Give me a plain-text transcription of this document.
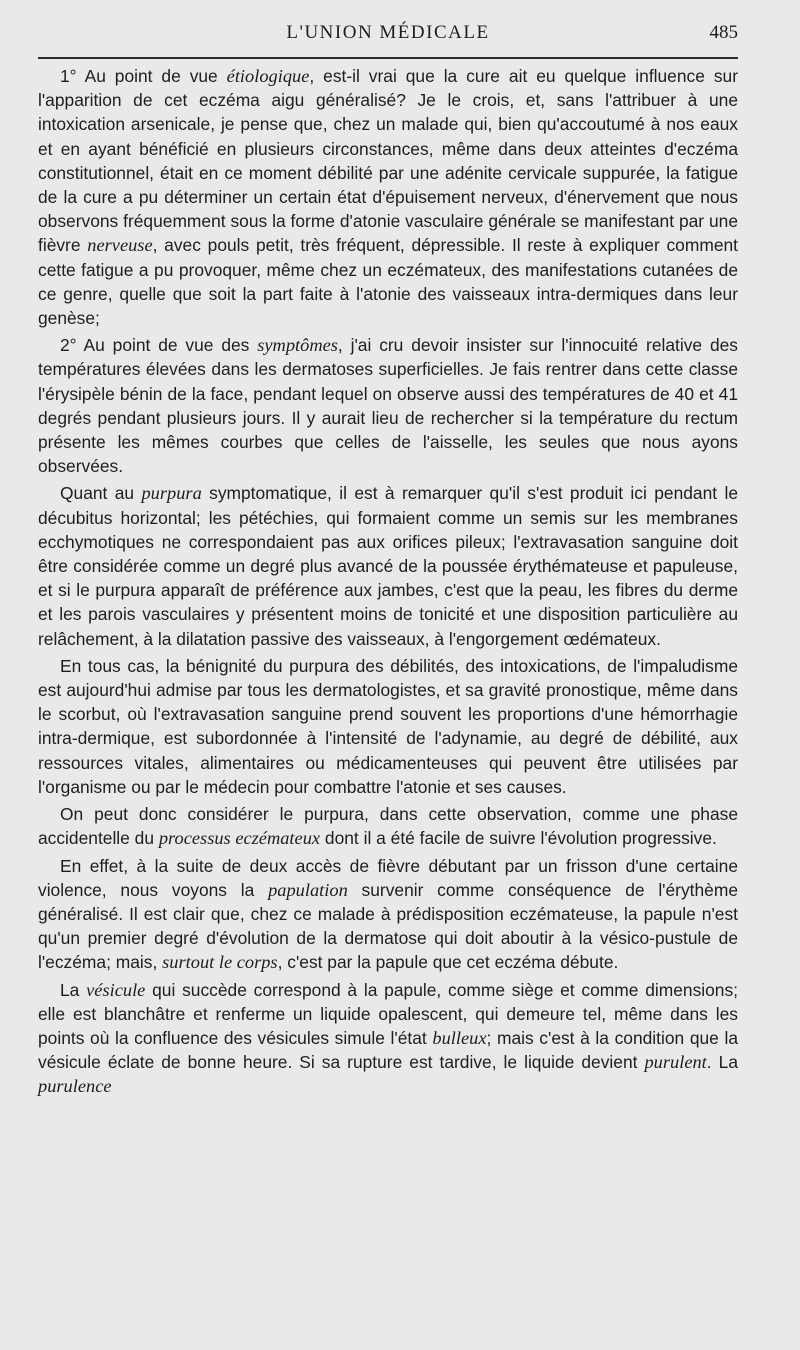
L'UNION MÉDICALE	485

1° Au point de vue étiologique, est-il vrai que la cure ait eu quelque influence sur l'apparition de cet eczéma aigu généralisé? Je le crois, et, sans l'attribuer à une intoxication arsenicale, je pense que, chez un malade qui, bien qu'accoutumé à nos eaux et en ayant bénéficié en plusieurs circonstances, même dans deux atteintes d'eczéma constitutionnel, était en ce moment débilité par une adénite cervicale suppurée, la fatigue de la cure a pu déterminer un certain état d'épuisement nerveux, d'énervement que nous observons fréquemment sous la forme d'atonie vasculaire générale se manifestant par une fièvre nerveuse, avec pouls petit, très fréquent, dépressible. Il reste à expliquer comment cette fatigue a pu provoquer, même chez un eczémateux, des manifestations cutanées de ce genre, quelle que soit la part faite à l'atonie des vaisseaux intra-dermiques dans leur genèse;

2° Au point de vue des symptômes, j'ai cru devoir insister sur l'innocuité relative des températures élevées dans les dermatoses superficielles. Je fais rentrer dans cette classe l'érysipèle bénin de la face, pendant lequel on observe aussi des températures de 40 et 41 degrés pendant plusieurs jours. Il y aurait lieu de rechercher si la température du rectum présente les mêmes courbes que celles de l'aisselle, les seules que nous ayons observées.

Quant au purpura symptomatique, il est à remarquer qu'il s'est produit ici pendant le décubitus horizontal; les pétéchies, qui formaient comme un semis sur les membranes ecchymotiques ne correspondaient pas aux orifices pileux; l'extravasation sanguine doit être considérée comme un degré plus avancé de la poussée érythémateuse et papuleuse, et si le purpura apparaît de préférence aux jambes, c'est que la peau, les fibres du derme et les parois vasculaires y présentent moins de tonicité et une disposition particulière au relâchement, à la dilatation passive des vaisseaux, à l'engorgement œdémateux.

En tous cas, la bénignité du purpura des débilités, des intoxications, de l'impaludisme est aujourd'hui admise par tous les dermatologistes, et sa gravité pronostique, même dans le scorbut, où l'extravasation sanguine prend souvent les proportions d'une hémorrhagie intra-dermique, est subordonnée à l'intensité de l'adynamie, au degré de débilité, aux ressources vitales, alimentaires ou médicamenteuses qui peuvent être utilisées par l'organisme ou par le médecin pour combattre l'atonie et ses causes.

On peut donc considérer le purpura, dans cette observation, comme une phase accidentelle du processus eczémateux dont il a été facile de suivre l'évolution progressive.

En effet, à la suite de deux accès de fièvre débutant par un frisson d'une certaine violence, nous voyons la papulation survenir comme conséquence de l'érythème généralisé. Il est clair que, chez ce malade à prédisposition eczémateuse, la papule n'est qu'un premier degré d'évolution de la dermatose qui doit aboutir à la vésico-pustule de l'eczéma; mais, surtout le corps, c'est par la papule que cet eczéma débute.

La vésicule qui succède correspond à la papule, comme siège et comme dimensions; elle est blanchâtre et renferme un liquide opalescent, qui demeure tel, même dans les points où la confluence des vésicules simule l'état bulleux; mais c'est à la condition que la vésicule éclate de bonne heure. Si sa rupture est tardive, le liquide devient purulent. La purulence
